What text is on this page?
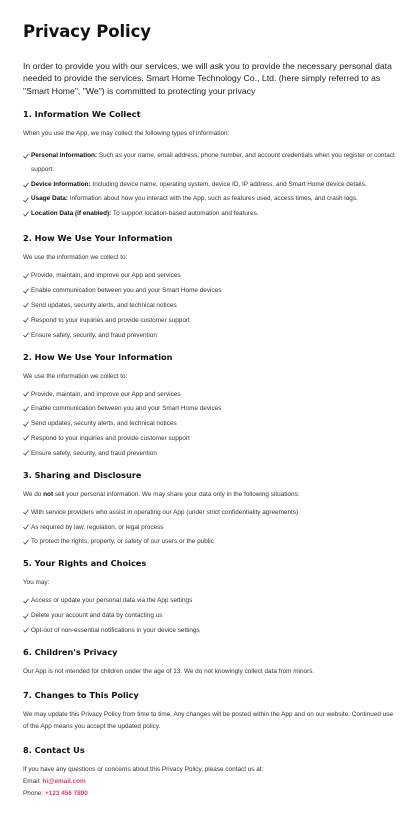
Privacy Policy

In order to provide you with our services, we will ask you to provide the necessary personal data needed to provide the services. Smart Home Technology Co., Ltd. (here simply referred to as "Smart Home", "We") is committed to protecting your privacy

1. Information We Collect

When you use the App, we may collect the following types of information:

Personal Information: Such as your name, email address, phone number, and account credentials when you register or contact support.
Device Information: Including device name, operating system, device ID, IP address, and Smart Home device details.
Usage Data: Information about how you interact with the App, such as features used, access times, and crash logs.
Location Data (if enabled): To support location-based automation and features.
2. How We Use Your Information

We use the information we collect to:

Provide, maintain, and improve our App and services
Enable communication between you and your Smart Home devices
Send updates, security alerts, and technical notices
Respond to your inquiries and provide customer support
Ensure safety, security, and fraud prevention
2. How We Use Your Information

We use the information we collect to:

Provide, maintain, and improve our App and services
Enable communication between you and your Smart Home devices
Send updates, security alerts, and technical notices
Respond to your inquiries and provide customer support
Ensure safety, security, and fraud prevention
3. Sharing and Disclosure

We do not sell your personal information. We may share your data only in the following situations:

With service providers who assist in operating our App (under strict confidentiality agreements)
As required by law, regulation, or legal process
To protect the rights, property, or safety of our users or the public
5. Your Rights and Choices

You may:

Access or update your personal data via the App settings
Delete your account and data by contacting us
Opt-out of non-essential notifications in your device settings
6. Children's Privacy

Our App is not intended for children under the age of 13. We do not knowingly collect data from minors.

7. Changes to This Policy

We may update this Privacy Policy from time to time. Any changes will be posted within the App and on our website. Continued use of the App means you accept the updated policy.

8. Contact Us

If you have any questions or concerns about this Privacy Policy, please contact us at:

Email: hi@email.com
Phone: +123 456 7890
